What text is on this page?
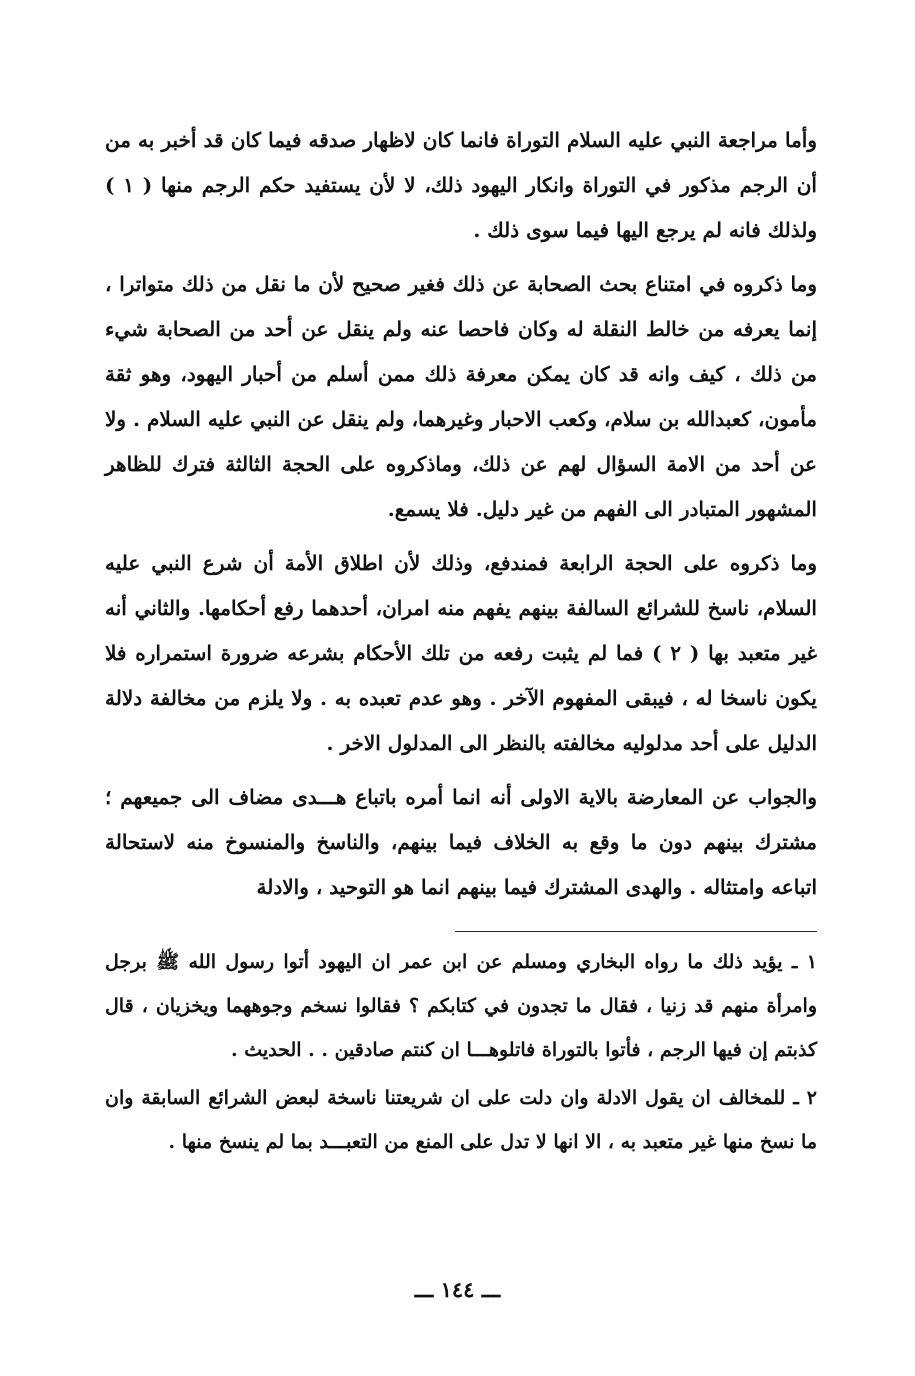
وأما مراجعة النبي عليه السلام التوراة فانما كان لاظهار صدقه فيما كان قد أخبر به من أن الرجم مذكور في التوراة وانكار اليهود ذلك، لا لأن يستفيد حكم الرجم منها ( ١ ) ولذلك فانه لم يرجع اليها فيما سوى ذلك .

وما ذكروه في امتناع بحث الصحابة عن ذلك فغير صحيح لأن ما نقل من ذلك متواترا ، إنما يعرفه من خالط النقلة له وكان فاحصا عنه ولم ينقل عن أحد من الصحابة شيء من ذلك ، كيف وانه قد كان يمكن معرفة ذلك ممن أسلم من أحبار اليهود، وهو ثقة مأمون، كعبدالله بن سلام، وكعب الاحبار وغيرهما، ولم ينقل عن النبي عليه السلام . ولا عن أحد من الامة السؤال لهم عن ذلك، وماذكروه على الحجة الثالثة فترك للظاهر المشهور المتبادر الى الفهم من غير دليل. فلا يسمع.

وما ذكروه على الحجة الرابعة فمندفع، وذلك لأن اطلاق الأمة أن شرع النبي عليه السلام، ناسخ للشرائع السالفة بينهم يفهم منه امران، أحدهما رفع أحكامها. والثاني أنه غير متعبد بها ( ٢ ) فما لم يثبت رفعه من تلك الأحكام بشرعه ضرورة استمراره فلا يكون ناسخا له ، فيبقى المفهوم الآخر . وهو عدم تعبده به . ولا يلزم من مخالفة دلالة الدليل على أحد مدلوليه مخالفته بالنظر الى المدلول الاخر .

والجواب عن المعارضة بالاية الاولى أنه انما أمره باتباع هـــدى مضاف الى جميعهم ؛ مشترك بينهم دون ما وقع به الخلاف فيما بينهم، والناسخ والمنسوخ منه لاستحالة اتباعه وامتثاله . والهدى المشترك فيما بينهم انما هو التوحيد ، والادلة

١ ـ يؤيد ذلك ما رواه البخاري ومسلم عن ابن عمر ان اليهود أتوا رسول الله ﷺ برجل وامرأة منهم قد زنيا ، فقال ما تجدون في كتابكم ؟ فقالوا نسخم وجوههما ويخزيان ، قال كذبتم إن فيها الرجم ، فأتوا بالتوراة فاتلوهـــا ان كنتم صادقين . . الحديث .

٢ ـ للمخالف ان يقول الادلة وان دلت على ان شريعتنا ناسخة لبعض الشرائع السابقة وان ما نسخ منها غير متعبد به ، الا انها لا تدل على المنع من التعبـــد بما لم ينسخ منها .

ـــ ١٤٤ ـــ
